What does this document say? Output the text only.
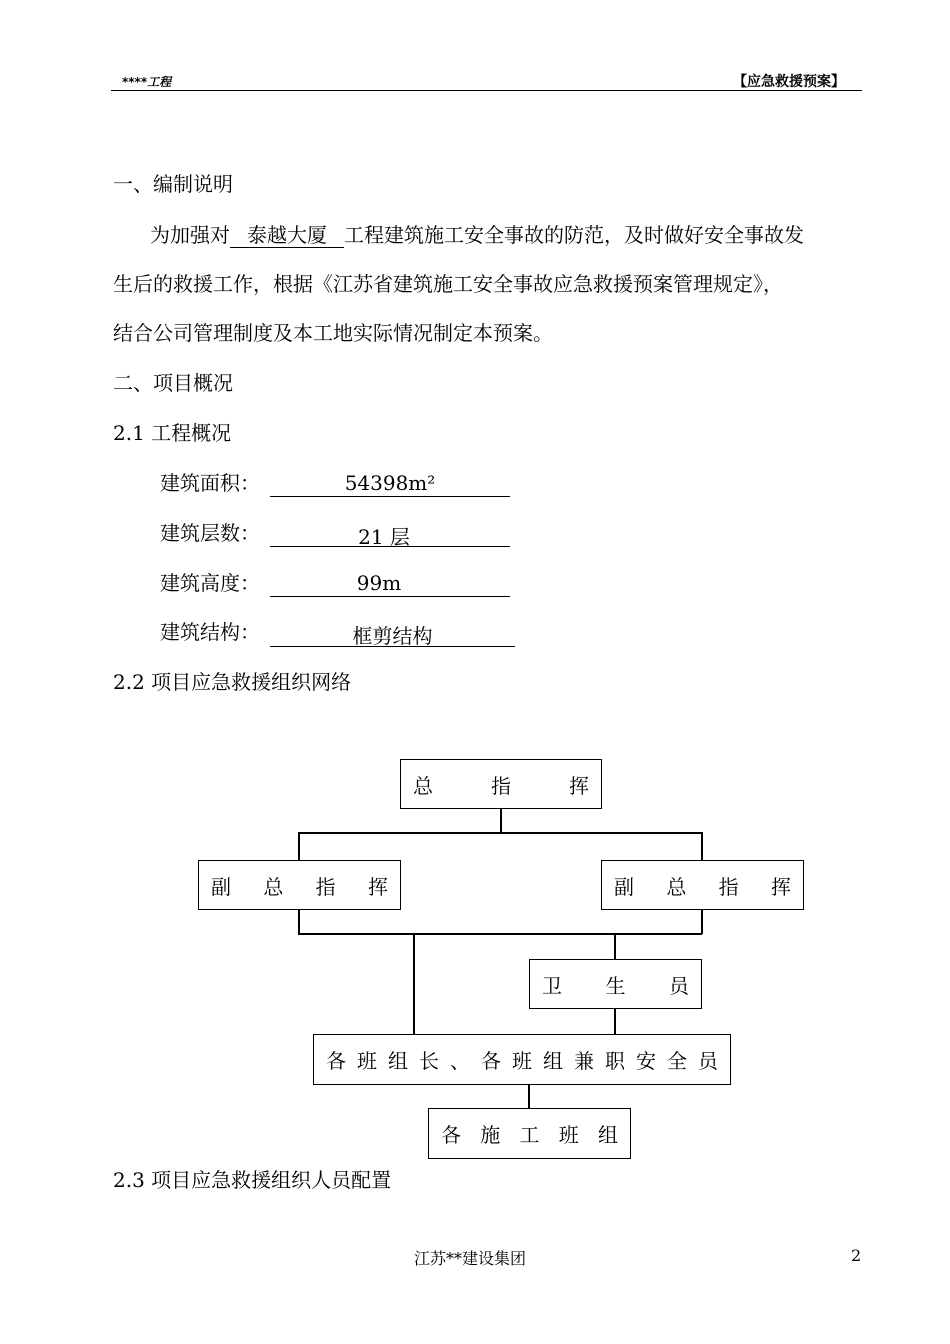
****工程	【应急救援预案】
一、编制说明
为加强对 泰越大厦 工程建筑施工安全事故的防范，及时做好安全事故发
生后的救援工作，根据《江苏省建筑施工安全事故应急救援预案管理规定》，
结合公司管理制度及本工地实际情况制定本预案。
二、项目概况
2.1 工程概况
建筑面积：	54398m²
建筑层数：	21 层
建筑高度：	99m
建筑结构：	框剪结构
2.2 项目应急救援组织网络
总	指	挥
副 总 指 挥	副 总 指 挥
卫 生 员
各 班 组 长 、 各 班 组 兼 职 安 全 员
各 施 工 班 组
2.3 项目应急救援组织人员配置
江苏**建设集团	2
